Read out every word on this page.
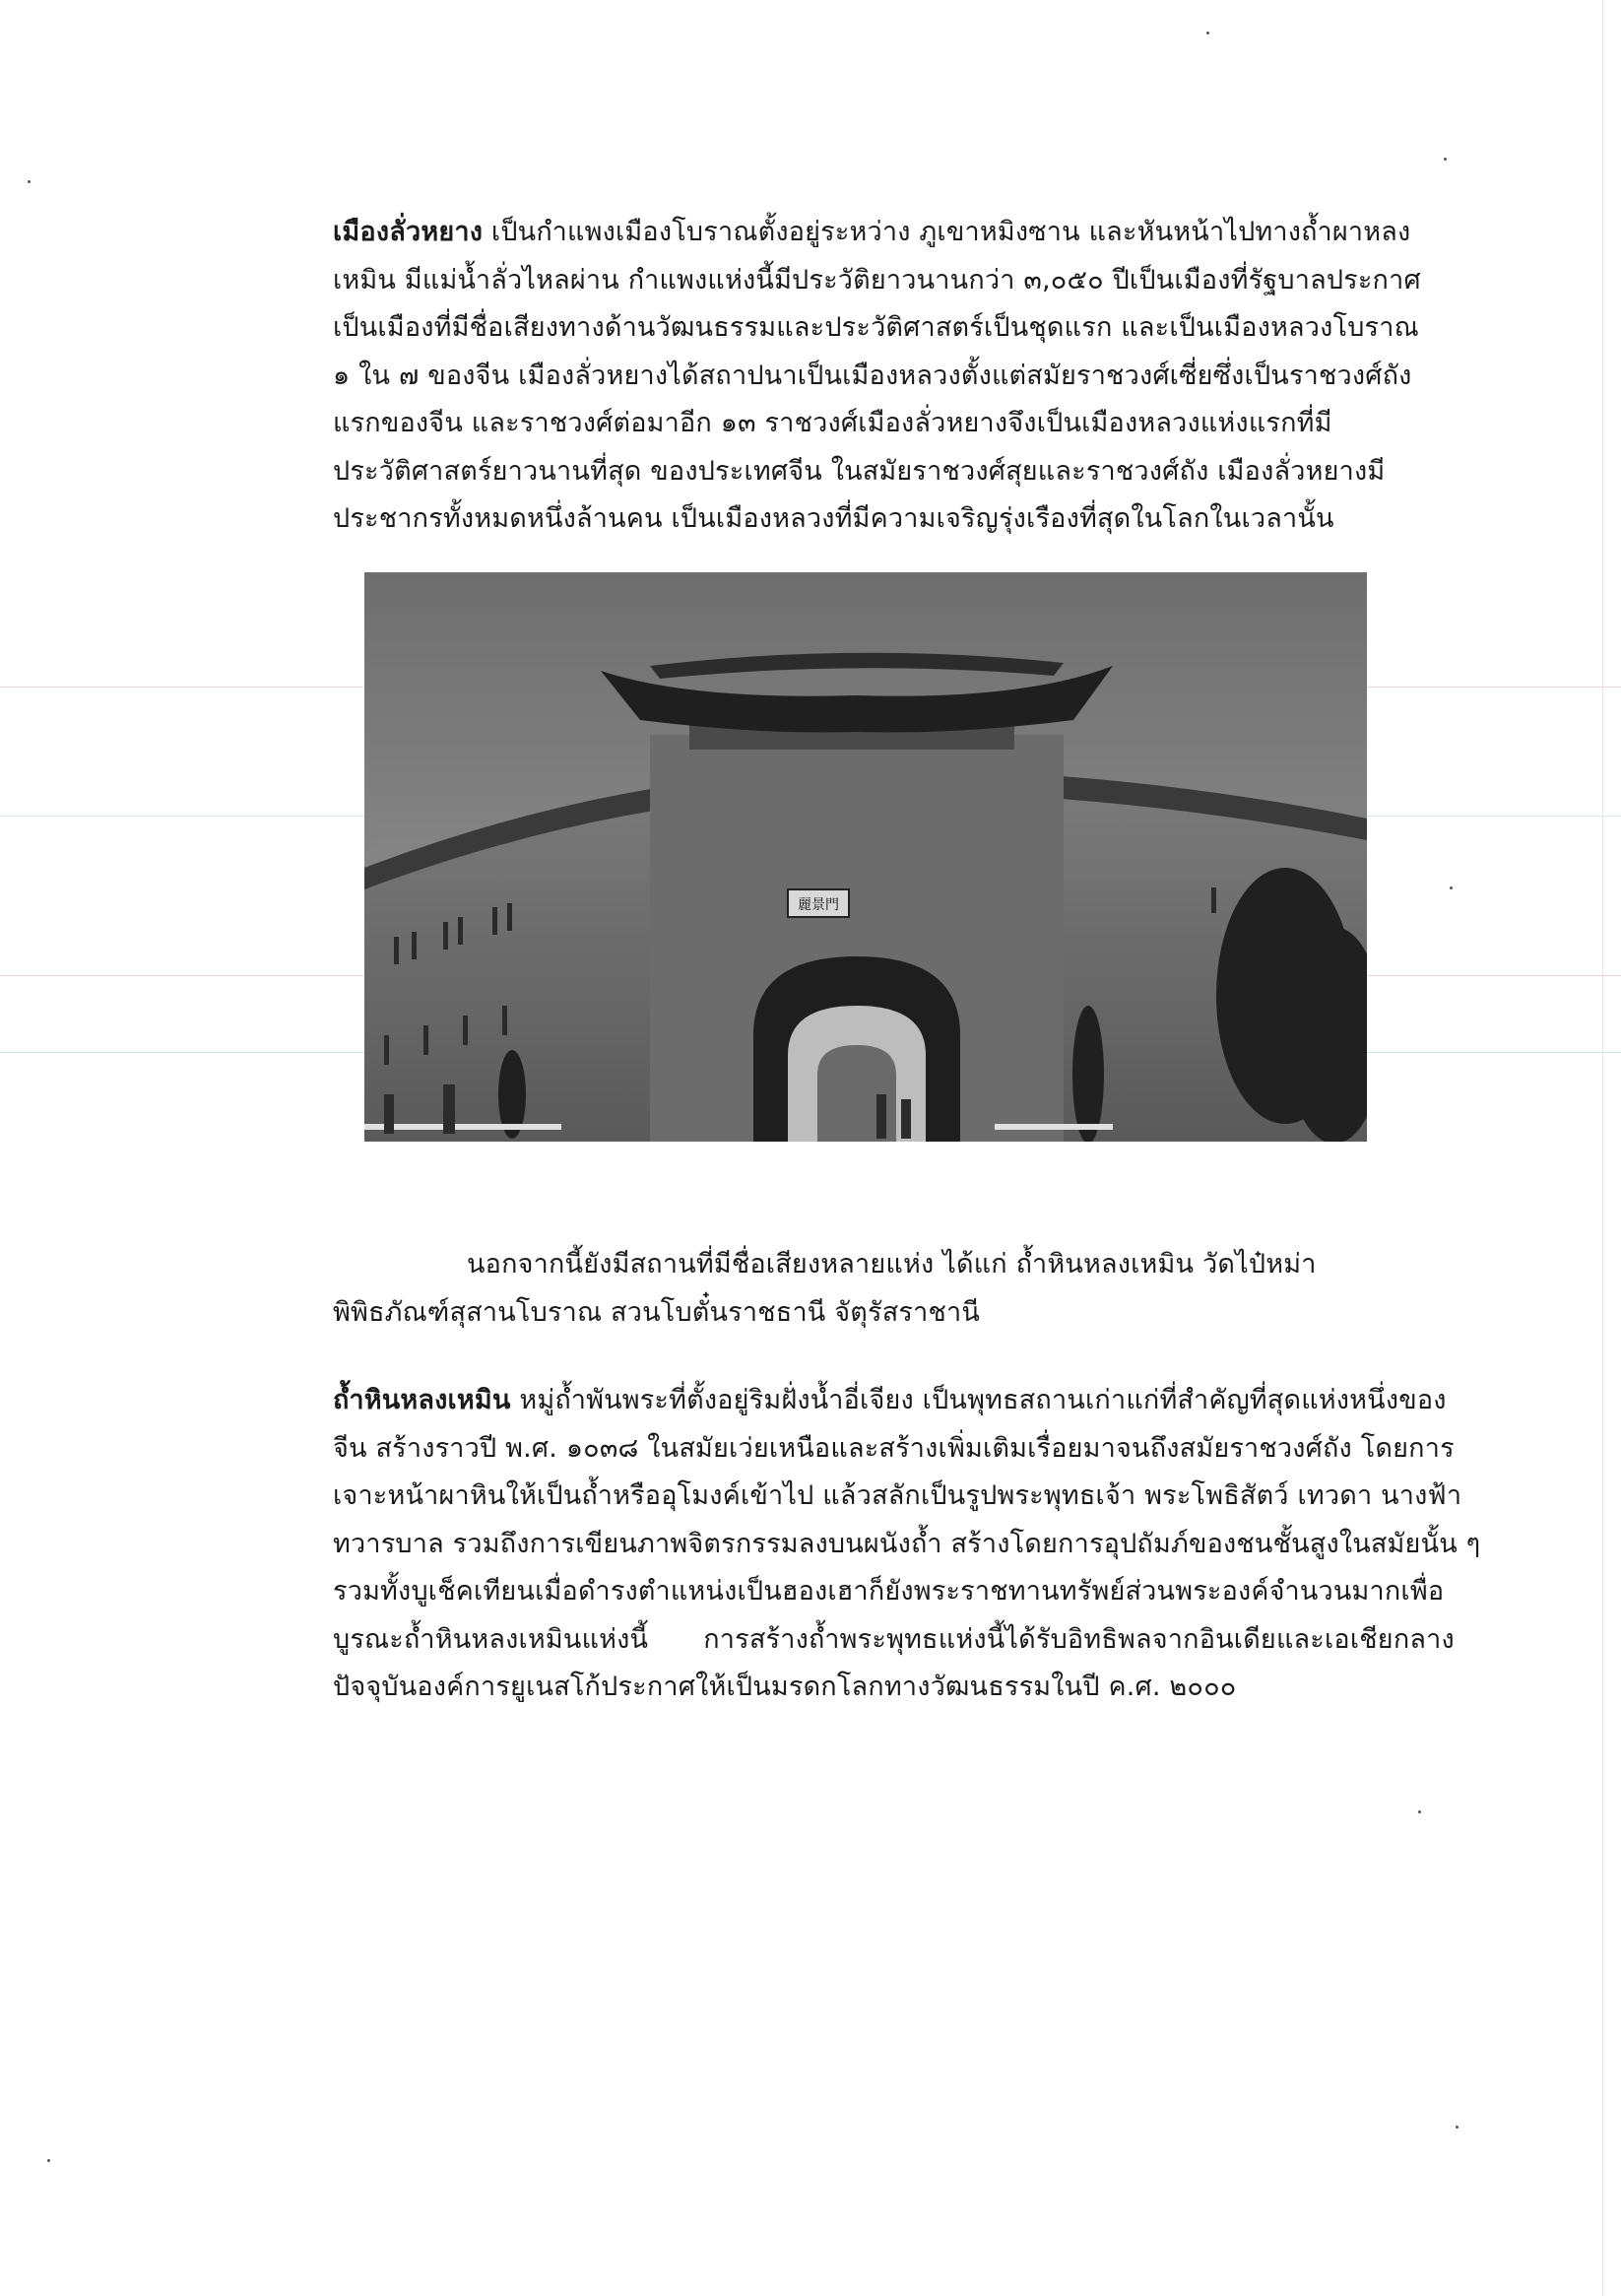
เมืองลั่วหยาง เป็นกำแพงเมืองโบราณตั้งอยู่ระหว่าง ภูเขาหมิงซาน และหันหน้าไปทางถ้ำผาหลง
เหมิน มีแม่น้ำลั่วไหลผ่าน กำแพงแห่งนี้มีประวัติยาวนานกว่า ๓,๐๕๐ ปีเป็นเมืองที่รัฐบาลประกาศ
เป็นเมืองที่มีชื่อเสียงทางด้านวัฒนธรรมและประวัติศาสตร์เป็นชุดแรก และเป็นเมืองหลวงโบราณ
๑ ใน ๗ ของจีน เมืองลั่วหยางได้สถาปนาเป็นเมืองหลวงตั้งแต่สมัยราชวงศ์เซี่ยซึ่งเป็นราชวงศ์ถัง
แรกของจีน และราชวงศ์ต่อมาอีก ๑๓ ราชวงศ์เมืองลั่วหยางจึงเป็นเมืองหลวงแห่งแรกที่มี
ประวัติศาสตร์ยาวนานที่สุด ของประเทศจีน ในสมัยราชวงศ์สุยและราชวงศ์ถัง เมืองลั่วหยางมี
ประชากรทั้งหมดหนึ่งล้านคน เป็นเมืองหลวงที่มีความเจริญรุ่งเรืองที่สุดในโลกในเวลานั้น
麗景門
นอกจากนี้ยังมีสถานที่มีชื่อเสียงหลายแห่ง ได้แก่ ถ้ำหินหลงเหมิน วัดไป๋หม่า
พิพิธภัณฑ์สุสานโบราณ สวนโบตั๋นราชธานี จัตุรัสราชานี
ถ้ำหินหลงเหมิน หมู่ถ้ำพันพระที่ตั้งอยู่ริมฝั่งน้ำอี่เจียง เป็นพุทธสถานเก่าแก่ที่สำคัญที่สุดแห่งหนึ่งของ
จีน สร้างราวปี พ.ศ. ๑๐๓๘ ในสมัยเว่ยเหนือและสร้างเพิ่มเติมเรื่อยมาจนถึงสมัยราชวงศ์ถัง โดยการ
เจาะหน้าผาหินให้เป็นถ้ำหรืออุโมงค์เข้าไป แล้วสลักเป็นรูปพระพุทธเจ้า พระโพธิสัตว์ เทวดา นางฟ้า
ทวารบาล รวมถึงการเขียนภาพจิตรกรรมลงบนผนังถ้ำ สร้างโดยการอุปถัมภ์ของชนชั้นสูงในสมัยนั้น ๆ
รวมทั้งบูเช็คเทียนเมื่อดำรงตำแหน่งเป็นฮองเฮาก็ยังพระราชทานทรัพย์ส่วนพระองค์จำนวนมากเพื่อ
บูรณะถ้ำหินหลงเหมินแห่งนี้ การสร้างถ้ำพระพุทธแห่งนี้ได้รับอิทธิพลจากอินเดียและเอเชียกลาง
ปัจจุบันองค์การยูเนสโก้ประกาศให้เป็นมรดกโลกทางวัฒนธรรมในปี ค.ศ. ๒๐๐๐
